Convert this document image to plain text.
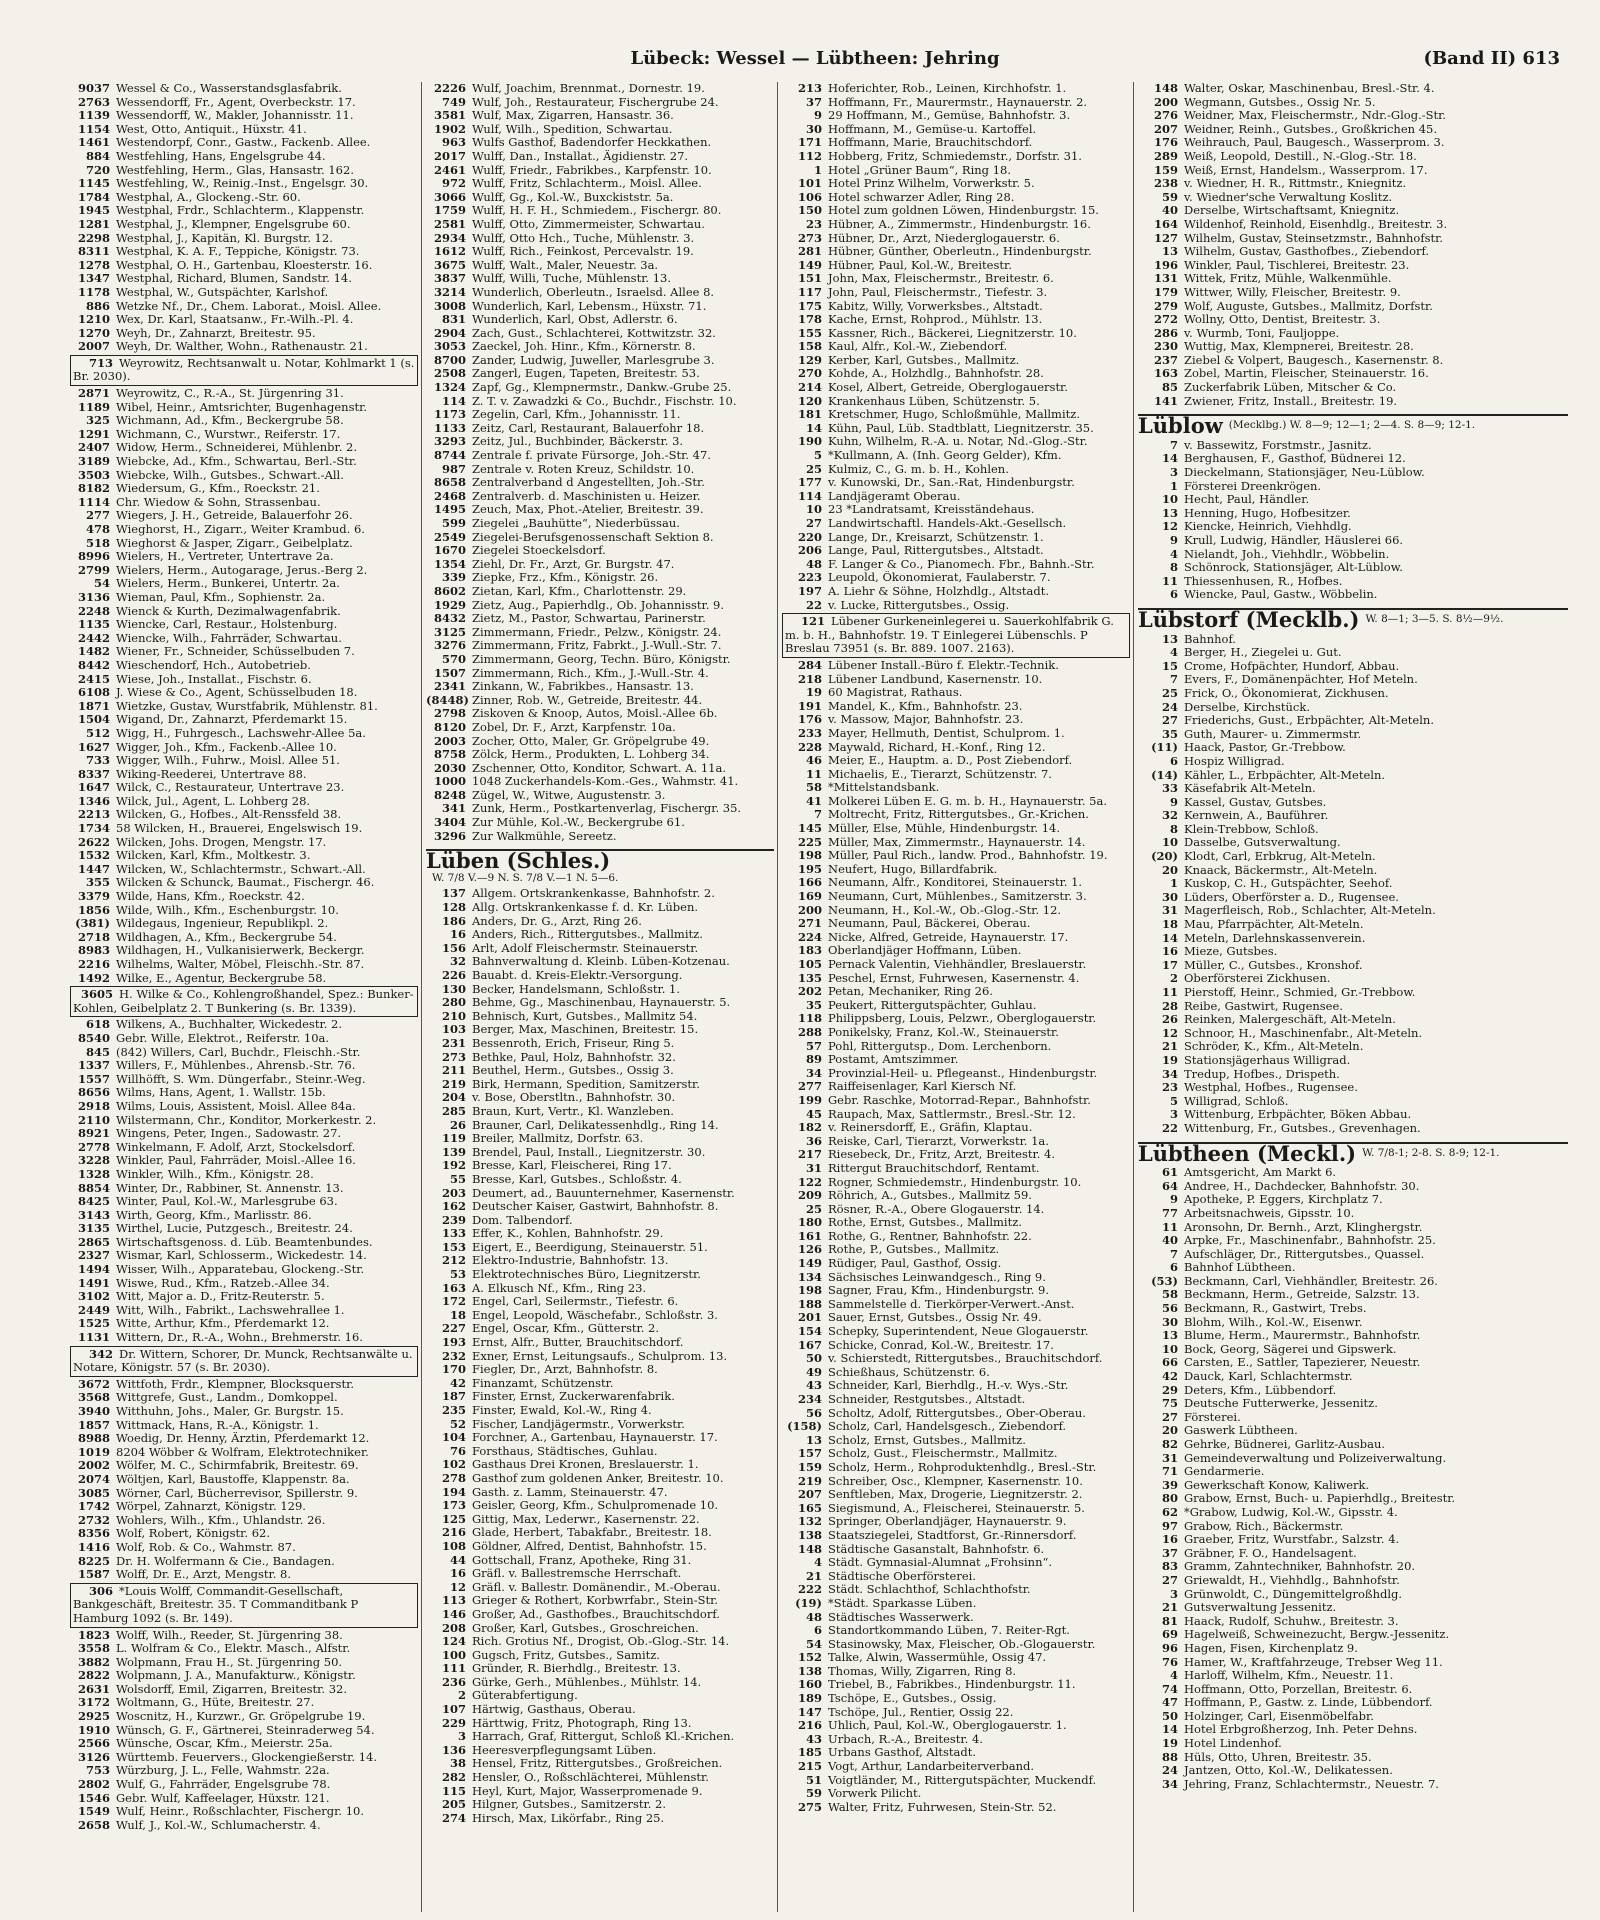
Lübeck: Wessel — Lübtheen: Jehring	(Band II) 613
9037 Wessel & Co., Wasserstandsglasfabrik.
2763 Wessendorff, Fr., Agent, Overbeckstr. 17.
1139 Wessendorff, W., Makler, Johannisstr. 11.
1154 West, Otto, Antiquit., Hüxstr. 41.
1461 Westendorpf, Conr., Gastw., Fackenb. Allee.
884 Westfehling, Hans, Engelsgrube 44.
720 Westfehling, Herm., Glas, Hansastr. 162.
1145 Westfehling, W., Reinig.-Inst., Engelsgr. 30.
1784 Westphal, A., Glockeng.-Str. 60.
1945 Westphal, Frdr., Schlachterm., Klappenstr.
1281 Westphal, J., Klempner, Engelsgrube 60.
2298 Westphal, J., Kapitän, Kl. Burgstr. 12.
8311 Westphal, K. A. F., Teppiche, Königstr. 73.
1278 Westphal, O. H., Gartenbau, Kloesterstr. 16.
1347 Westphal, Richard, Blumen, Sandstr. 14.
1178 Westphal, W., Gutspächter, Karlshof.
886 Wetzke Nf., Dr., Chem. Laborat., Moisl. Allee.
1210 Wex, Dr. Karl, Staatsanw., Fr.-Wilh.-Pl. 4.
1270 Weyh, Dr., Zahnarzt, Breitestr. 95.
2007 Weyh, Dr. Walther, Wohn., Rathenaustr. 21.
713 Weyrowitz, Rechtsanwalt u. Notar, Kohlmarkt 1 (s. Br. 2030).
2871 Weyrowitz, C., R.-A., St. Jürgenring 31.
1189 Wibel, Heinr., Amtsrichter, Bugenhagenstr.
325 Wichmann, Ad., Kfm., Beckergrube 58.
1291 Wichmann, C., Wurstwr., Reiferstr. 17.
2407 Widow, Herm., Schneiderei, Mühlenbr. 2.
3189 Wiebcke, Ad., Kfm., Schwartau, Berl.-Str.
3503 Wiebcke, Wilh., Gutsbes., Schwart.-All.
8182 Wiedersum, G., Kfm., Roeckstr. 21.
1114 Chr. Wiedow & Sohn, Strassenbau.
277 Wiegers, J. H., Getreide, Balauerfohr 26.
478 Wieghorst, H., Zigarr., Weiter Krambud. 6.
518 Wieghorst & Jasper, Zigarr., Geibelplatz.
8996 Wielers, H., Vertreter, Untertrave 2a.
2799 Wielers, Herm., Autogarage, Jerus.-Berg 2.
54 Wielers, Herm., Bunkerei, Untertr. 2a.
3136 Wieman, Paul, Kfm., Sophienstr. 2a.
2248 Wienck & Kurth, Dezimalwagenfabrik.
1135 Wiencke, Carl, Restaur., Holstenburg.
2442 Wiencke, Wilh., Fahrräder, Schwartau.
1482 Wiener, Fr., Schneider, Schüsselbuden 7.
8442 Wieschendorf, Hch., Autobetrieb.
2415 Wiese, Joh., Installat., Fischstr. 6.
6108 J. Wiese & Co., Agent, Schüsselbuden 18.
1871 Wietzke, Gustav, Wurstfabrik, Mühlenstr. 81.
1504 Wigand, Dr., Zahnarzt, Pferdemarkt 15.
512 Wigg, H., Fuhrgesch., Lachswehr-Allee 5a.
1627 Wigger, Joh., Kfm., Fackenb.-Allee 10.
733 Wigger, Wilh., Fuhrw., Moisl. Allee 51.
8337 Wiking-Reederei, Untertrave 88.
1647 Wilck, C., Restaurateur, Untertrave 23.
1346 Wilck, Jul., Agent, L. Lohberg 28.
2213 Wilcken, G., Hofbes., Alt-Renssfeld 38.
1734 58 Wilcken, H., Brauerei, Engelswisch 19.
2622 Wilcken, Johs. Drogen, Mengstr. 17.
1532 Wilcken, Karl, Kfm., Moltkestr. 3.
1447 Wilcken, W., Schlachtermstr., Schwart.-All.
355 Wilcken & Schunck, Baumat., Fischergr. 46.
3379 Wilde, Hans, Kfm., Roeckstr. 42.
1856 Wilde, Wilh., Kfm., Eschenburgstr. 10.
(381) Wildegaus, Ingenieur, Republikpl. 2.
2718 Wildhagen, A., Kfm., Beckergrube 54.
8983 Wildhagen, H., Vulkanisierwerk, Beckergr.
2216 Wilhelms, Walter, Möbel, Fleischh.-Str. 87.
1492 Wilke, E., Agentur, Beckergrube 58.
3605 H. Wilke & Co., Kohlengroßhandel, Spez.: Bunker-Kohlen, Geibelplatz 2. T Bunkering (s. Br. 1339).
618 Wilkens, A., Buchhalter, Wickedestr. 2.
8540 Gebr. Wille, Elektrot., Reiferstr. 10a.
845 (842) Willers, Carl, Buchdr., Fleischh.-Str.
1337 Willers, F., Mühlenbes., Ahrensb.-Str. 76.
1557 Willhöfft, S. Wm. Düngerfabr., Steinr.-Weg.
8656 Wilms, Hans, Agent, 1. Wallstr. 15b.
2918 Wilms, Louis, Assistent, Moisl. Allee 84a.
2110 Wilstermann, Chr., Konditor, Morkerkestr. 2.
8921 Wingens, Peter, Ingen., Sadowastr. 27.
2778 Winkelmann, F. Adolf, Arzt, Stockelsdorf.
3228 Winkler, Paul, Fahrräder, Moisl.-Allee 16.
1328 Winkler, Wilh., Kfm., Königstr. 28.
8854 Winter, Dr., Rabbiner, St. Annenstr. 13.
8425 Winter, Paul, Kol.-W., Marlesgrube 63.
3143 Wirth, Georg, Kfm., Marlisstr. 86.
3135 Wirthel, Lucie, Putzgesch., Breitestr. 24.
2865 Wirtschaftsgenoss. d. Lüb. Beamtenbundes.
2327 Wismar, Karl, Schlosserm., Wickedestr. 14.
1494 Wisser, Wilh., Apparatebau, Glockeng.-Str.
1491 Wiswe, Rud., Kfm., Ratzeb.-Allee 34.
3102 Witt, Major a. D., Fritz-Reuterstr. 5.
2449 Witt, Wilh., Fabrikt., Lachswehrallee 1.
1525 Witte, Arthur, Kfm., Pferdemarkt 12.
1131 Wittern, Dr., R.-A., Wohn., Brehmerstr. 16.
342 Dr. Wittern, Schorer, Dr. Munck, Rechtsanwälte u. Notare, Königstr. 57 (s. Br. 2030).
3672 Wittfoth, Frdr., Klempner, Blocksquerstr.
3568 Wittgrefe, Gust., Landm., Domkoppel.
3940 Witthuhn, Johs., Maler, Gr. Burgstr. 15.
1857 Wittmack, Hans, R.-A., Königstr. 1.
8988 Woedig, Dr. Henny, Ärztin, Pferdemarkt 12.
1019 8204 Wöbber & Wolfram, Elektrotechniker.
2002 Wölfer, M. C., Schirmfabrik, Breitestr. 69.
2074 Wöltjen, Karl, Baustoffe, Klappenstr. 8a.
3085 Wörner, Carl, Bücherrevisor, Spillerstr. 9.
1742 Wörpel, Zahnarzt, Königstr. 129.
2732 Wohlers, Wilh., Kfm., Uhlandstr. 26.
8356 Wolf, Robert, Königstr. 62.
1416 Wolf, Rob. & Co., Wahmstr. 87.
8225 Dr. H. Wolfermann & Cie., Bandagen.
1587 Wolff, Dr. E., Arzt, Mengstr. 8.
306 *Louis Wolff, Commandit-Gesellschaft, Bankgeschäft, Breitestr. 35. T Commanditbank P Hamburg 1092 (s. Br. 149).
1823 Wolff, Wilh., Reeder, St. Jürgenring 38.
3558 L. Wolfram & Co., Elektr. Masch., Alfstr.
3882 Wolpmann, Frau H., St. Jürgenring 50.
2822 Wolpmann, J. A., Manufakturw., Königstr.
2631 Wolsdorff, Emil, Zigarren, Breitestr. 32.
3172 Woltmann, G., Hüte, Breitestr. 27.
2925 Woscnitz, H., Kurzwr., Gr. Gröpelgrube 19.
1910 Wünsch, G. F., Gärtnerei, Steinraderweg 54.
2566 Wünsche, Oscar, Kfm., Meierstr. 25a.
3126 Württemb. Feuervers., Glockengießerstr. 14.
753 Würzburg, J. L., Felle, Wahmstr. 22a.
2802 Wulf, G., Fahrräder, Engelsgrube 78.
1546 Gebr. Wulf, Kaffeelager, Hüxstr. 121.
1549 Wulf, Heinr., Roßschlachter, Fischergr. 10.
2658 Wulf, J., Kol.-W., Schlumacherstr. 4.
2226 Wulf, Joachim, Brennmat., Dornestr. 19.
749 Wulf, Joh., Restaurateur, Fischergrube 24.
3581 Wulf, Max, Zigarren, Hansastr. 36.
1902 Wulf, Wilh., Spedition, Schwartau.
963 Wulfs Gasthof, Badendorfer Heckkathen.
2017 Wulff, Dan., Installat., Ägidienstr. 27.
2461 Wulff, Friedr., Fabrikbes., Karpfenstr. 10.
972 Wulff, Fritz, Schlachterm., Moisl. Allee.
3066 Wulff, Gg., Kol.-W., Buxckiststr. 5a.
1759 Wulff, H. F. H., Schmiedem., Fischergr. 80.
2581 Wulff, Otto, Zimmermeister, Schwartau.
2934 Wulff, Otto Hch., Tuche, Mühlenstr. 3.
1612 Wulff, Rich., Feinkost, Percevalstr. 19.
3675 Wulff, Walt., Maler, Neuestr. 3a.
3837 Wulff, Willi, Tuche, Mühlenstr. 13.
3214 Wunderlich, Oberleutn., Israelsd. Allee 8.
3008 Wunderlich, Karl, Lebensm., Hüxstr. 71.
831 Wunderlich, Karl, Obst, Adlerstr. 6.
2904 Zach, Gust., Schlachterei, Kottwitzstr. 32.
3053 Zaeckel, Joh. Hinr., Kfm., Körnerstr. 8.
8700 Zander, Ludwig, Juweller, Marlesgrube 3.
2508 Zangerl, Eugen, Tapeten, Breitestr. 53.
1324 Zapf, Gg., Klempnermstr., Dankw.-Grube 25.
114 Z. T. v. Zawadzki & Co., Buchdr., Fischstr. 10.
1173 Zegelin, Carl, Kfm., Johannisstr. 11.
1133 Zeitz, Carl, Restaurant, Balauerfohr 18.
3293 Zeitz, Jul., Buchbinder, Bäckerstr. 3.
8744 Zentrale f. private Fürsorge, Joh.-Str. 47.
987 Zentrale v. Roten Kreuz, Schildstr. 10.
8658 Zentralverband d Angestellten, Joh.-Str.
2468 Zentralverb. d. Maschinisten u. Heizer.
1495 Zeuch, Max, Phot.-Atelier, Breitestr. 39.
599 Ziegelei „Bauhütte“, Niederbüssau.
2549 Ziegelei-Berufsgenossenschaft Sektion 8.
1670 Ziegelei Stoeckelsdorf.
1354 Ziehl, Dr. Fr., Arzt, Gr. Burgstr. 47.
339 Ziepke, Frz., Kfm., Königstr. 26.
8602 Zietan, Karl, Kfm., Charlottenstr. 29.
1929 Zietz, Aug., Papierhdlg., Ob. Johannisstr. 9.
8432 Zietz, M., Pastor, Schwartau, Parinerstr.
3125 Zimmermann, Friedr., Pelzw., Königstr. 24.
3276 Zimmermann, Fritz, Fabrkt., J.-Wull.-Str. 7.
570 Zimmermann, Georg, Techn. Büro, Königstr.
1507 Zimmermann, Rich., Kfm., J.-Wull.-Str. 4.
2341 Zinkann, W., Fabrikbes., Hansastr. 13.
(8448) Zinner, Rob. W., Getreide, Breitestr. 44.
2798 Ziskoven & Knoop, Autos, Moisl.-Allee 6b.
8120 Zobel, Dr. F., Arzt, Karpfenstr. 10a.
2003 Zocher, Otto, Maler, Gr. Gröpelgrube 49.
8758 Zölck, Herm., Produkten, L. Lohberg 34.
2030 Zschenner, Otto, Konditor, Schwart. A. 11a.
1000 1048 Zuckerhandels-Kom.-Ges., Wahmstr. 41.
8248 Zügel, W., Witwe, Augustenstr. 3.
341 Zunk, Herm., Postkartenverlag, Fischergr. 35.
3404 Zur Mühle, Kol.-W., Beckergrube 61.
3296 Zur Walkmühle, Sereetz.
Lüben (Schles.)W. 7/8 V.—9 N. S. 7/8 V.—1 N. 5—6.
137 Allgem. Ortskrankenkasse, Bahnhofstr. 2.
128 Allg. Ortskrankenkasse f. d. Kr. Lüben.
186 Anders, Dr. G., Arzt, Ring 26.
16 Anders, Rich., Rittergutsbes., Mallmitz.
156 Arlt, Adolf Fleischermstr. Steinauerstr.
32 Bahnverwaltung d. Kleinb. Lüben-Kotzenau.
226 Bauabt. d. Kreis-Elektr.-Versorgung.
130 Becker, Handelsmann, Schloßstr. 1.
280 Behme, Gg., Maschinenbau, Haynauerstr. 5.
210 Behnisch, Kurt, Gutsbes., Mallmitz 54.
103 Berger, Max, Maschinen, Breitestr. 15.
231 Bessenroth, Erich, Friseur, Ring 5.
273 Bethke, Paul, Holz, Bahnhofstr. 32.
211 Beuthel, Herm., Gutsbes., Ossig 3.
219 Birk, Hermann, Spedition, Samitzerstr.
204 v. Bose, Oberstltn., Bahnhofstr. 30.
285 Braun, Kurt, Vertr., Kl. Wanzleben.
26 Brauner, Carl, Delikatessenhdlg., Ring 14.
119 Breiler, Mallmitz, Dorfstr. 63.
139 Brendel, Paul, Install., Liegnitzerstr. 30.
192 Bresse, Karl, Fleischerei, Ring 17.
55 Bresse, Karl, Gutsbes., Schloßstr. 4.
203 Deumert, ad., Bauunternehmer, Kasernenstr.
162 Deutscher Kaiser, Gastwirt, Bahnhofstr. 8.
239 Dom. Talbendorf.
133 Effer, K., Kohlen, Bahnhofstr. 29.
153 Eigert, E., Beerdigung, Steinauerstr. 51.
212 Elektro-Industrie, Bahnhofstr. 13.
53 Elektrotechnisches Büro, Liegnitzerstr.
163 A. Elkusch Nf., Kfm., Ring 23.
172 Engel, Carl, Seilermstr., Tiefestr. 6.
18 Engel, Leopold, Wäschefabr., Schloßstr. 3.
227 Engel, Oscar, Kfm., Gütterstr. 2.
193 Ernst, Alfr., Butter, Brauchitschdorf.
232 Exner, Ernst, Leitungsaufs., Schulprom. 13.
170 Fiegler, Dr., Arzt, Bahnhofstr. 8.
42 Finanzamt, Schützenstr.
187 Finster, Ernst, Zuckerwarenfabrik.
235 Finster, Ewald, Kol.-W., Ring 4.
52 Fischer, Landjägermstr., Vorwerkstr.
104 Forchner, A., Gartenbau, Haynauerstr. 17.
76 Forsthaus, Städtisches, Guhlau.
102 Gasthaus Drei Kronen, Breslauerstr. 1.
278 Gasthof zum goldenen Anker, Breitestr. 10.
194 Gasth. z. Lamm, Steinauerstr. 47.
173 Geisler, Georg, Kfm., Schulpromenade 10.
125 Gittig, Max, Lederwr., Kasernenstr. 22.
216 Glade, Herbert, Tabakfabr., Breitestr. 18.
108 Göldner, Alfred, Dentist, Bahnhofstr. 15.
44 Gottschall, Franz, Apotheke, Ring 31.
16 Gräfl. v. Ballestremsche Herrschaft.
12 Gräfl. v. Ballestr. Domänendir., M.-Oberau.
113 Grieger & Rothert, Korbwrfabr., Stein-Str.
146 Großer, Ad., Gasthofbes., Brauchitschdorf.
208 Großer, Karl, Gutsbes., Groschreichen.
124 Rich. Grotius Nf., Drogist, Ob.-Glog.-Str. 14.
100 Gugsch, Fritz, Gutsbes., Samitz.
111 Gründer, R. Bierhdlg., Breitestr. 13.
236 Gürke, Gerh., Mühlenbes., Mühlstr. 14.
2 Güterabfertigung.
107 Härtwig, Gasthaus, Oberau.
229 Härttwig, Fritz, Photograph, Ring 13.
3 Harrach, Graf, Rittergut, Schloß Kl.-Krichen.
136 Heeresverpflegungsamt Lüben.
38 Hensel, Fritz, Rittergutsbes., Großreichen.
282 Hensler, O., Roßschlächterei, Mühlenstr.
115 Heyl, Kurt, Major, Wasserpromenade 9.
205 Hilgner, Gutsbes., Samitzerstr. 2.
274 Hirsch, Max, Likörfabr., Ring 25.
213 Hoferichter, Rob., Leinen, Kirchhofstr. 1.
37 Hoffmann, Fr., Maurermstr., Haynauerstr. 2.
9 29 Hoffmann, M., Gemüse, Bahnhofstr. 3.
30 Hoffmann, M., Gemüse-u. Kartoffel.
171 Hoffmann, Marie, Brauchitschdorf.
112 Hobberg, Fritz, Schmiedemstr., Dorfstr. 31.
1 Hotel „Grüner Baum“, Ring 18.
101 Hotel Prinz Wilhelm, Vorwerkstr. 5.
106 Hotel schwarzer Adler, Ring 28.
150 Hotel zum goldnen Löwen, Hindenburgstr. 15.
23 Hübner, A., Zimmermstr., Hindenburgstr. 16.
273 Hübner, Dr., Arzt, Niederglogauerstr. 6.
281 Hübner, Günther, Oberleutn., Hindenburgstr.
149 Hübner, Paul, Kol.-W., Breitestr.
151 John, Max, Fleischermstr., Breitestr. 6.
117 John, Paul, Fleischermstr., Tiefestr. 3.
175 Kabitz, Willy, Vorwerksbes., Altstadt.
178 Kache, Ernst, Rohprod., Mühlstr. 13.
155 Kassner, Rich., Bäckerei, Liegnitzerstr. 10.
158 Kaul, Alfr., Kol.-W., Ziebendorf.
129 Kerber, Karl, Gutsbes., Mallmitz.
270 Kohde, A., Holzhdlg., Bahnhofstr. 28.
214 Kosel, Albert, Getreide, Oberglogauerstr.
120 Krankenhaus Lüben, Schützenstr. 5.
181 Kretschmer, Hugo, Schloßmühle, Mallmitz.
14 Kühn, Paul, Lüb. Stadtblatt, Liegnitzerstr. 35.
190 Kuhn, Wilhelm, R.-A. u. Notar, Nd.-Glog.-Str.
5 *Kullmann, A. (Inh. Georg Gelder), Kfm.
25 Kulmiz, C., G. m. b. H., Kohlen.
177 v. Kunowski, Dr., San.-Rat, Hindenburgstr.
114 Landjägeramt Oberau.
10 23 *Landratsamt, Kreisständehaus.
27 Landwirtschaftl. Handels-Akt.-Gesellsch.
220 Lange, Dr., Kreisarzt, Schützenstr. 1.
206 Lange, Paul, Rittergutsbes., Altstadt.
48 F. Langer & Co., Pianomech. Fbr., Bahnh.-Str.
223 Leupold, Ökonomierat, Faulaberstr. 7.
197 A. Liehr & Söhne, Holzhdlg., Altstadt.
22 v. Lucke, Rittergutsbes., Ossig.
121 Lübener Gurkeneinlegerei u. Sauerkohlfabrik G. m. b. H., Bahnhofstr. 19. T Einlegerei Lübenschls. P Breslau 73951 (s. Br. 889. 1007. 2163).
284 Lübener Install.-Büro f. Elektr.-Technik.
218 Lübener Landbund, Kasernenstr. 10.
19 60 Magistrat, Rathaus.
191 Mandel, K., Kfm., Bahnhofstr. 23.
176 v. Massow, Major, Bahnhofstr. 23.
233 Mayer, Hellmuth, Dentist, Schulprom. 1.
228 Maywald, Richard, H.-Konf., Ring 12.
46 Meier, E., Hauptm. a. D., Post Ziebendorf.
11 Michaelis, E., Tierarzt, Schützenstr. 7.
58 *Mittelstandsbank.
41 Molkerei Lüben E. G. m. b. H., Haynauerstr. 5a.
7 Moltrecht, Fritz, Rittergutsbes., Gr.-Krichen.
145 Müller, Else, Mühle, Hindenburgstr. 14.
225 Müller, Max, Zimmermstr., Haynauerstr. 14.
198 Müller, Paul Rich., landw. Prod., Bahnhofstr. 19.
195 Neufert, Hugo, Billardfabrik.
166 Neumann, Alfr., Konditorei, Steinauerstr. 1.
169 Neumann, Curt, Mühlenbes., Samitzerstr. 3.
200 Neumann, H., Kol.-W., Ob.-Glog.-Str. 12.
271 Neumann, Paul, Bäckerei, Oberau.
224 Nicke, Alfred, Getreide, Haynauerstr. 17.
183 Oberlandjäger Hoffmann, Lüben.
105 Pernack Valentin, Viehhändler, Breslauerstr.
135 Peschel, Ernst, Fuhrwesen, Kasernenstr. 4.
202 Petan, Mechaniker, Ring 26.
35 Peukert, Rittergutspächter, Guhlau.
118 Philippsberg, Louis, Pelzwr., Oberglogauerstr.
288 Ponikelsky, Franz, Kol.-W., Steinauerstr.
57 Pohl, Rittergutsp., Dom. Lerchenborn.
89 Postamt, Amtszimmer.
34 Provinzial-Heil- u. Pflegeanst., Hindenburgstr.
277 Raiffeisenlager, Karl Kiersch Nf.
199 Gebr. Raschke, Motorrad-Repar., Bahnhofstr.
45 Raupach, Max, Sattlermstr., Bresl.-Str. 12.
182 v. Reinersdorff, E., Gräfin, Klaptau.
36 Reiske, Carl, Tierarzt, Vorwerkstr. 1a.
217 Riesebeck, Dr., Fritz, Arzt, Breitestr. 4.
31 Rittergut Brauchitschdorf, Rentamt.
122 Rogner, Schmiedemstr., Hindenburgstr. 10.
209 Röhrich, A., Gutsbes., Mallmitz 59.
25 Rösner, R.-A., Obere Glogauerstr. 14.
180 Rothe, Ernst, Gutsbes., Mallmitz.
161 Rothe, G., Rentner, Bahnhofstr. 22.
126 Rothe, P., Gutsbes., Mallmitz.
149 Rüdiger, Paul, Gasthof, Ossig.
134 Sächsisches Leinwandgesch., Ring 9.
198 Sagner, Frau, Kfm., Hindenburgstr. 9.
188 Sammelstelle d. Tierkörper-Verwert.-Anst.
201 Sauer, Ernst, Gutsbes., Ossig Nr. 49.
154 Schepky, Superintendent, Neue Glogauerstr.
167 Schicke, Conrad, Kol.-W., Breitestr. 17.
50 v. Schierstedt, Rittergutsbes., Brauchitschdorf.
49 Schießhaus, Schützenstr. 6.
43 Schneider, Karl, Bierhdlg., H.-v. Wys.-Str.
234 Schneider, Restgutsbes., Altstadt.
56 Scholtz, Adolf, Rittergutsbes., Ober-Oberau.
(158) Scholz, Carl, Handelsgesch., Ziebendorf.
13 Scholz, Ernst, Gutsbes., Mallmitz.
157 Scholz, Gust., Fleischermstr., Mallmitz.
159 Scholz, Herm., Rohproduktenhdlg., Bresl.-Str.
219 Schreiber, Osc., Klempner, Kasernenstr. 10.
207 Senftleben, Max, Drogerie, Liegnitzerstr. 2.
165 Siegismund, A., Fleischerei, Steinauerstr. 5.
132 Springer, Oberlandjäger, Haynauerstr. 9.
138 Staatsziegelei, Stadtforst, Gr.-Rinnersdorf.
148 Städtische Gasanstalt, Bahnhofstr. 6.
4 Städt. Gymnasial-Alumnat „Frohsinn“.
21 Städtische Oberförsterei.
222 Städt. Schlachthof, Schlachthofstr.
(19) *Städt. Sparkasse Lüben.
48 Städtisches Wasserwerk.
6 Standortkommando Lüben, 7. Reiter-Rgt.
54 Stasinowsky, Max, Fleischer, Ob.-Glogauerstr.
152 Talke, Alwin, Wassermühle, Ossig 47.
138 Thomas, Willy, Zigarren, Ring 8.
160 Triebel, B., Fabrikbes., Hindenburgstr. 11.
189 Tschöpe, E., Gutsbes., Ossig.
147 Tschöpe, Jul., Rentier, Ossig 22.
216 Uhlich, Paul, Kol.-W., Oberglogauerstr. 1.
43 Urbach, R.-A., Breitestr. 4.
185 Urbans Gasthof, Altstadt.
215 Vogt, Arthur, Landarbeiterverband.
51 Voigtländer, M., Rittergutspächter, Muckendf.
59 Vorwerk Pilicht.
275 Walter, Fritz, Fuhrwesen, Stein-Str. 52.
148 Walter, Oskar, Maschinenbau, Bresl.-Str. 4.
200 Wegmann, Gutsbes., Ossig Nr. 5.
276 Weidner, Max, Fleischermstr., Ndr.-Glog.-Str.
207 Weidner, Reinh., Gutsbes., Großkrichen 45.
176 Weihrauch, Paul, Baugesch., Wasserprom. 3.
289 Weiß, Leopold, Destill., N.-Glog.-Str. 18.
159 Weiß, Ernst, Handelsm., Wasserprom. 17.
238 v. Wiedner, H. R., Rittmstr., Kniegnitz.
59 v. Wiedner'sche Verwaltung Koslitz.
40 Derselbe, Wirtschaftsamt, Kniegnitz.
164 Wildenhof, Reinhold, Eisenhdlg., Breitestr. 3.
127 Wilhelm, Gustav, Steinsetzmstr., Bahnhofstr.
13 Wilhelm, Gustav, Gasthofbes., Ziebendorf.
196 Winkler, Paul, Tischlerei, Breitestr. 23.
131 Wittek, Fritz, Mühle, Walkenmühle.
179 Wittwer, Willy, Fleischer, Breitestr. 9.
279 Wolf, Auguste, Gutsbes., Mallmitz, Dorfstr.
272 Wollny, Otto, Dentist, Breitestr. 3.
286 v. Wurmb, Toni, Fauljoppe.
230 Wuttig, Max, Klempnerei, Breitestr. 28.
237 Ziebel & Volpert, Baugesch., Kasernenstr. 8.
163 Zobel, Martin, Fleischer, Steinauerstr. 16.
85 Zuckerfabrik Lüben, Mitscher & Co.
141 Zwiener, Fritz, Install., Breitestr. 19.
Lüblow (Mecklbg.) W. 8—9; 12—1; 2—4. S. 8—9; 12-1.
7 v. Bassewitz, Forstmstr., Jasnitz.
14 Berghausen, F., Gasthof, Büdnerei 12.
3 Dieckelmann, Stationsjäger, Neu-Lüblow.
1 Försterei Dreenkrögen.
10 Hecht, Paul, Händler.
13 Henning, Hugo, Hofbesitzer.
12 Kiencke, Heinrich, Viehhdlg.
9 Krull, Ludwig, Händler, Häuslerei 66.
4 Nielandt, Joh., Viehhdlr., Wöbbelin.
8 Schönrock, Stationsjäger, Alt-Lüblow.
11 Thiessenhusen, R., Hofbes.
6 Wiencke, Paul, Gastw., Wöbbelin.
Lübstorf (Mecklb.) W. 8—1; 3—5. S. 8½—9½.
13 Bahnhof.
4 Berger, H., Ziegelei u. Gut.
15 Crome, Hofpächter, Hundorf, Abbau.
7 Evers, F., Domänenpächter, Hof Meteln.
25 Frick, O., Ökonomierat, Zickhusen.
24 Derselbe, Kirchstück.
27 Friederichs, Gust., Erbpächter, Alt-Meteln.
35 Guth, Maurer- u. Zimmermstr.
(11) Haack, Pastor, Gr.-Trebbow.
6 Hospiz Willigrad.
(14) Kähler, L., Erbpächter, Alt-Meteln.
33 Käsefabrik Alt-Meteln.
9 Kassel, Gustav, Gutsbes.
32 Kernwein, A., Bauführer.
8 Klein-Trebbow, Schloß.
10 Dasselbe, Gutsverwaltung.
(20) Klodt, Carl, Erbkrug, Alt-Meteln.
20 Knaack, Bäckermstr., Alt-Meteln.
1 Kuskop, C. H., Gutspächter, Seehof.
30 Lüders, Oberförster a. D., Rugensee.
31 Magerfleisch, Rob., Schlachter, Alt-Meteln.
18 Mau, Pfarrpächter, Alt-Meteln.
14 Meteln, Darlehnskassenverein.
16 Mieze, Gutsbes.
17 Müller, C., Gutsbes., Kronshof.
2 Oberförsterei Zickhusen.
11 Pierstoff, Heinr., Schmied, Gr.-Trebbow.
28 Reibe, Gastwirt, Rugensee.
26 Reinken, Malergeschäft, Alt-Meteln.
12 Schnoor, H., Maschinenfabr., Alt-Meteln.
21 Schröder, K., Kfm., Alt-Meteln.
19 Stationsjägerhaus Willigrad.
34 Tredup, Hofbes., Drispeth.
23 Westphal, Hofbes., Rugensee.
5 Willigrad, Schloß.
3 Wittenburg, Erbpächter, Böken Abbau.
22 Wittenburg, Fr., Gutsbes., Grevenhagen.
Lübtheen (Meckl.) W. 7/8-1; 2-8. S. 8-9; 12-1.
61 Amtsgericht, Am Markt 6.
64 Andree, H., Dachdecker, Bahnhofstr. 30.
9 Apotheke, P. Eggers, Kirchplatz 7.
77 Arbeitsnachweis, Gipsstr. 10.
11 Aronsohn, Dr. Bernh., Arzt, Klinghergstr.
40 Arpke, Fr., Maschinenfabr., Bahnhofstr. 25.
7 Aufschläger, Dr., Rittergutsbes., Quassel.
6 Bahnhof Lübtheen.
(53) Beckmann, Carl, Viehhändler, Breitestr. 26.
58 Beckmann, Herm., Getreide, Salzstr. 13.
56 Beckmann, R., Gastwirt, Trebs.
30 Blohm, Wilh., Kol.-W., Eisenwr.
13 Blume, Herm., Maurermstr., Bahnhofstr.
10 Bock, Georg, Sägerei und Gipswerk.
66 Carsten, E., Sattler, Tapezierer, Neuestr.
42 Dauck, Karl, Schlachtermstr.
29 Deters, Kfm., Lübbendorf.
75 Deutsche Futterwerke, Jessenitz.
27 Försterei.
20 Gaswerk Lübtheen.
82 Gehrke, Büdnerei, Garlitz-Ausbau.
31 Gemeindeverwaltung und Polizeiverwaltung.
71 Gendarmerie.
39 Gewerkschaft Konow, Kaliwerk.
80 Grabow, Ernst, Buch- u. Papierhdlg., Breitestr.
62 *Grabow, Ludwig, Kol.-W., Gipsstr. 4.
97 Grabow, Rich., Bäckermstr.
16 Graeber, Fritz, Wurstfabr., Salzstr. 4.
37 Gräbner, F. O., Handelsagent.
83 Gramm, Zahntechniker, Bahnhofstr. 20.
27 Griewaldt, H., Viehhdlg., Bahnhofstr.
3 Grünwoldt, C., Düngemittelgroßhdlg.
21 Gutsverwaltung Jessenitz.
81 Haack, Rudolf, Schuhw., Breitestr. 3.
69 Hagelweiß, Schweinezucht, Bergw.-Jessenitz.
96 Hagen, Fisen, Kirchenplatz 9.
76 Hamer, W., Kraftfahrzeuge, Trebser Weg 11.
4 Harloff, Wilhelm, Kfm., Neuestr. 11.
74 Hoffmann, Otto, Porzellan, Breitestr. 6.
47 Hoffmann, P., Gastw. z. Linde, Lübbendorf.
50 Holzinger, Carl, Eisenmöbelfabr.
14 Hotel Erbgroßherzog, Inh. Peter Dehns.
19 Hotel Lindenhof.
88 Hüls, Otto, Uhren, Breitestr. 35.
24 Jantzen, Otto, Kol.-W., Delikatessen.
34 Jehring, Franz, Schlachtermstr., Neuestr. 7.
